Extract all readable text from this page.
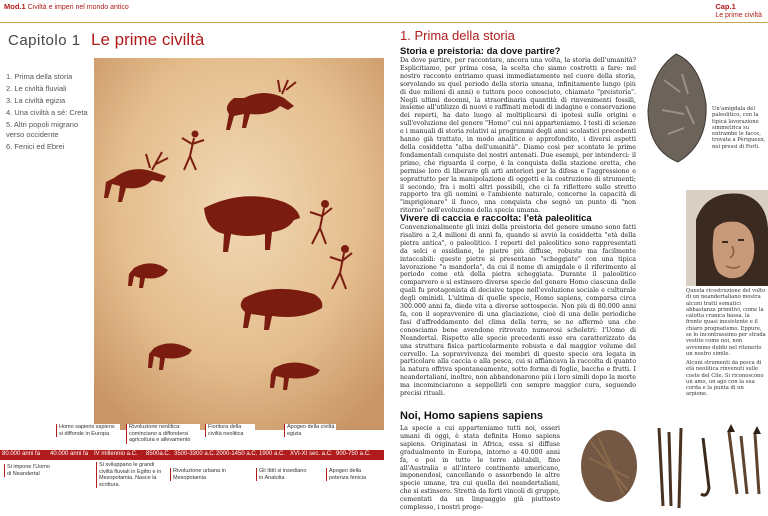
Mod.1 Civiltà e imperi nel mondo antico
Capitolo 1 Le prime civiltà
1. Prima della storia
2. Le civiltà fluviali
3. La civiltà egizia
4. Una civiltà a sé: Creta
5. Altri popoli migrano verso occidente
6. Fenici ed Ebrei
Homo sapiens sapiens si diffonde in Europa
Rivoluzione neolitica: cominciano a diffondersi agricoltura e allevamento
Fioritura della civiltà neolitica
Apogeo della civiltà egizia
80.000 anni fa 40.000 anni fa IV millennio a.C. 8500a.C. 3500-3300 a.C. 2000-1450 a.C. 1900 a.C. XVI-XI sec. a.C. 900-750 a.C.
Si impone l'Uomo di Neandertal
Si sviluppano le grandi civiltà fluviali in Egitto e in Mesopotamia. Nasce la scrittura.
Rivoluzione urbana in Mesopotamia
Gli Ittiti si insediano in Anatolia
Apogeo della potenza fenicia
Cap.1
Le prime civiltà
1. Prima della storia
Storia e preistoria: da dove partire?
Da dove partire, per raccontare, ancora una volta, la storia dell'umanità? Esplicitiamo, per prima cosa, la scelta che siamo costretti a fare: nel nostro racconto entriamo quasi immediatamente nel cuore della storia, sorvolando su quel periodo della storia umana, infinitamente lungo (più di due milioni di anni) e tuttora poco conosciuto, chiamato "preistoria". Negli ultimi decenni, la straordinaria quantità di rinvenimenti fossili, insieme all'utilizzo di nuovi e raffinati metodi di indagine e conservazione dei reperti, ha dato luogo al moltiplicarsi di ipotesi sulle origini e sull'evoluzione del genere "Homo" cui noi apparteniamo. I testi di scienze e i manuali di storia relativi ai programmi degli anni scolastici precedenti hanno già trattato, in modo analitico e approfondito, i diversi aspetti della cosiddetta "alba dell'umanità". Diamo così per scontate le prime fondamentali conquiste dei nostri antenati. Due esempi, per intenderci: il primo, che riguarda il corpo, è la conquista della stazione eretta, che permise loro di liberare gli arti anteriori per la difesa e l'aggressione e soprattutto per la manipolazione di oggetti e la costruzione di strumenti; il secondo, fra i molti altri possibili, che ci fa riflettere sullo stretto rapporto tra gli uomini e l'ambiente naturale, concerne la capacità di "imprigionare" il fuoco, una conquista che segnò un punto di "non ritorno" nell'evoluzione della specie umana.
Un'amigdala del paleolitico, con la tipica lavorazione simmetrica su entrambe le facce, trovata a Pèrigueux, nei pressi di Forli.
Vivere di caccia e raccolta: l'età paleolitica
Convenzionalmente gli inizi della preistoria del genere umano sono fatti risalire a 2,4 milioni di anni fa, quando si avviò la cosiddetta "età della pietra antica", o paleolitico. I reperti del paleolitico sono rappresentati da selci e ossidiane, le pietre più diffuse, robuste ma facilmente intaccabili: queste pietre si presentano "scheggiate" con una tipica lavorazione "a mandorla", da cui il nome di amigdale e il riferimento al periodo come età della pietra scheggiata. Durante il paleolitico comparvero e si estinsero diverse specie del genere Homo ciascuna delle quali fu protagonista di decisive tappe nell'evoluzione sociale e culturale degli ominidi. L'ultima di quelle specie, Homo sapiens, comparsa circa 300.000 anni fa, diede vita a diverse sottospecie. Non più di 80.000 anni fa, con il sopravvenire di una glaciazione, cioè di una delle periodiche fasi d'affreddamento del clima della terra, se ne affermò una che conosciamo bene avendone ritrovato numerosi scheletri: l'Uomo di Neandertal. Rispetto alle specie precedenti esso era caratterizzato da una struttura fisica particolarmente robusta e dal maggior volume del cervello. La sopravvivenza dei membri di queste specie era legata in particolare alla caccia e alla pesca, cui si affiancava la raccolta di quanto la natura offriva spontaneamente, sotto forma di foglie, bacche e frutti. I neandertaliani, inoltre, non abbandonarono più i loro simili dopo la morte ma incominciarono a seppellirli con sempre maggior cura, seguendo precisi rituali.
Questa ricostruzione del volto di un neandertaliano mostra alcuni tratti somatici abbastanza primitivi, come la calotta cranica bassa, la fronte quasi inesistente e il chiaro prognatismo. Eppure, se lo incontrassimo per strada vestito come noi, non avremmo dubbi nel ritenerlo un nostro simile.
Alcuni strumenti da pesca di età neolitica rinvenuti sulle coste del Cile. Si riconoscono un amo, un ago con la sua corda e la punta di un arpione.
Noi, Homo sapiens sapiens
La specie a cui apparteniamo tutti noi, esseri umani di oggi, è stata definita Homo sapiens sapiens. Originatasi in Africa, essa si diffuse gradualmente in Europa, intorno a 40.000 anni fa, e poi in tutte le terre abitabili, fino all'Australia e all'intero continente americano, imponendosi, cancellando o assorbendo le altre specie umane, tra cui quella dei neandertaliani, che si estinsero. Strettà da forti vincoli di gruppo, cementati da un linguaggio già piuttosto complesso, i nostri proge-
